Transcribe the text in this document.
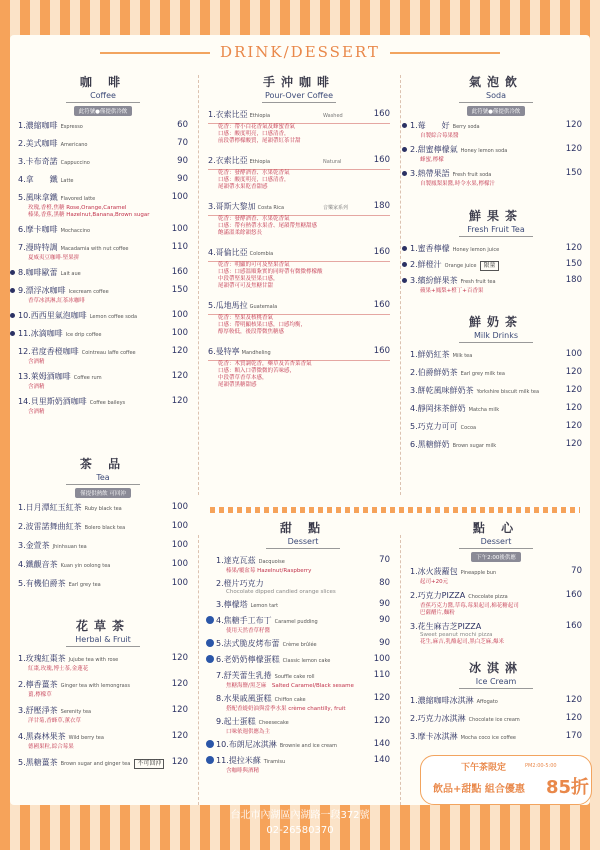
DRINK/DESSERT
咖 啡
Coffee
此符號●僅提供冷飲
1.濃縮咖啡 Espresso	60
2.美式咖啡 Americano	70
3.卡布奇諾 Cappuccino	90
4.拿　　鐵 Latte	90
5.風味拿鐵 Flavored latte	100
玫瑰,香橙,焦糖 Rose,Orange,Caramel
榛果,香蕉,黑糖 Hazelnut,Banana,Brown sugar
6.摩卡咖啡 Mochaccino	100
7.漫時特調 Macadamia with nut coffee	110
夏威夷豆咖啡·堅果拼
8.咖啡歐蕾 Lait aue	160
9.漂浮冰咖啡 Icecream coffee	150
香草冰淇淋,紅茶冰咖啡
10.西西里氣泡咖啡 Lemon coffee soda	100
11.冰滴咖啡 Ice drip coffee	100
12.君度香橙咖啡 Cointreau laffe coffee	120
含酒精
13.萊姆酒咖啡 Coffee rum	120
含酒精
14.貝里斯奶酒咖啡 Coffee baileys	120
含酒精
茶 品
Tea
僅提供熱飲 可回沖
1.日月潭紅玉紅茶 Ruby black tea	100
2.波雷諾舞曲紅茶 Bolero black tea	100
3.金萱茶 Jhinhsuan tea	100
4.鐵觀音茶 Kuan yin oolong tea	100
5.有機伯爵茶 Earl grey tea	100
花草茶
Herbal & Fruit
1.玫瑰紅棗茶 Jujube tea with rose	120
紅棗,玫瑰,博士茶,金蓮花
2.檸香薑茶 Ginger tea with lemongrass	120
薑,檸檬草
3.舒壓淨茶 Serenity tea	120
洋甘菊,香蜂草,薰衣草
4.黑森林果茶 Wild berry tea	120
德國果粒,綜合莓果
5.黑糖薑茶 Brown sugar and ginger tea 不可回沖 120
手沖咖啡
Pour-Over Coffee
1.衣索比亞 Ethiopia	Washed	160
乾香：帶小白花香氣及蜂蜜香氣
口感：酸度明亮，口感清香，
前段帶檸檬酸質，尾韻帶紅茶甘甜
2.衣索比亞 Ethiopia	Natural	160
乾香：發酵酒香、水果乾香氣
口感：酸度明亮，口感清香，
尾韻帶水果乾香甜感
3.哥斯大黎加 Costa Rica	音樂家系列	180
乾香：發酵酒香、水果乾香氣
口感：帶有熱帶水果香、尾韻帶焦糖甜感
飽滿溫柔餘韻悠長
4.哥倫比亞 Colombia	160
乾香：明顯的可可及堅果香氣
口感：口感溫順紮實的同時帶有微微檸檬酸
中段帶堅果及堅果口感，
尾韻帶可可及焦糖甘甜
5.瓜地馬拉 Guatemala	160
乾香：堅果及核桃香氣
口感：帶明顯核果口感，口感均衡，
醇厚較低，後段帶微焦糖感
6.曼特寧 Mandheling	160
乾香：木質調乾香，藥草及苦杏菜香氣
口感：顆入口帶微微的苦味感，
中段帶草香草本感，
尾韻帶黑糖甜感
甜 點
Dessert
1.達克瓦茲 Dacquoise	70
榛果/覆盆莓 Hazelnut/Raspberry
2.橙片巧克力	80
Chocolate dipped candied orange slices
3.檸檬塔 Lemon tart	90
4.焦糖手工布丁 Caramel pudding	90
使用天然香草籽醬
5.法式脆皮烤布蕾 Crème brûlée	90
6.老奶奶檸檬蛋糕 Classic lemon cake	100
7.舒芙蕾生乳捲 Souffle cake roll	110
焦糖海鹽/黑芝麻　Salted Caramel/Black sesame
8.水果戚風蛋糕 Chiffon cake	120
搭配香緹奶油與當季水果 crème chantilly, fruit
9.起士蛋糕 Cheesecake	120
口味依週供應為主
10.布朗尼冰淇淋 Brownie and ice cream	140
11.提拉米蘇 Tiramisu	140
含咖啡與酒精
氣泡飲
Soda
此符號●僅提供冷飲
1.莓　　好 Berry soda	120
自製綜合莓果醬
2.甜蜜檸檬氣 Honey lemon soda	120
蜂蜜,檸檬
3.熱帶果語 Fresh fruit soda	150
自製鳳梨果醬,時令水果,檸檬汁
鮮果茶
Fresh Fruit Tea
1.蜜香檸檬 Honey lemon juice	120
2.鮮橙汁 Orange juice 限量	150
3.繽紛鮮果茶 Fresh fruit tea	180
蘋果+鳳梨+橙丁+百香果
鮮奶茶
Milk Drinks
1.鮮奶紅茶 Milk tea	100
2.伯爵鮮奶茶 Earl grey milk tea	120
3.餅乾風味鮮奶茶 Yorkshire biscuit milk tea	120
4.靜岡抹茶鮮奶 Matcha milk	120
5.巧克力可可 Cocoa	120
6.黑糖鮮奶 Brown sugar milk	120
點 心
Dessert
下午2:00後供應
1.冰火菠蘿包 Pineapple bun	70
起司+20元
2.巧克力PIZZA Chocolate pizza	160
香蕉巧克力醬,草莓,莓果起司,棉花糖起司
巴薩醋片,麵粉
3.花生麻吉芝PIZZA	160
Sweet peanut mochi pizza
花生,麻吉,乳酪起司,黑白芝麻,爆米
冰淇淋
Ice Cream
1.濃縮咖啡冰淇淋 Affogato	120
2.巧克力冰淇淋 Chocolate ice cream	120
3.摩卡冰淇淋 Mocha coco ice coffee	170
下午茶限定	PM2:00-5:00
飲品+甜點 組合優惠 85折
台北市內湖區內湖路一段372號
02-26580370
